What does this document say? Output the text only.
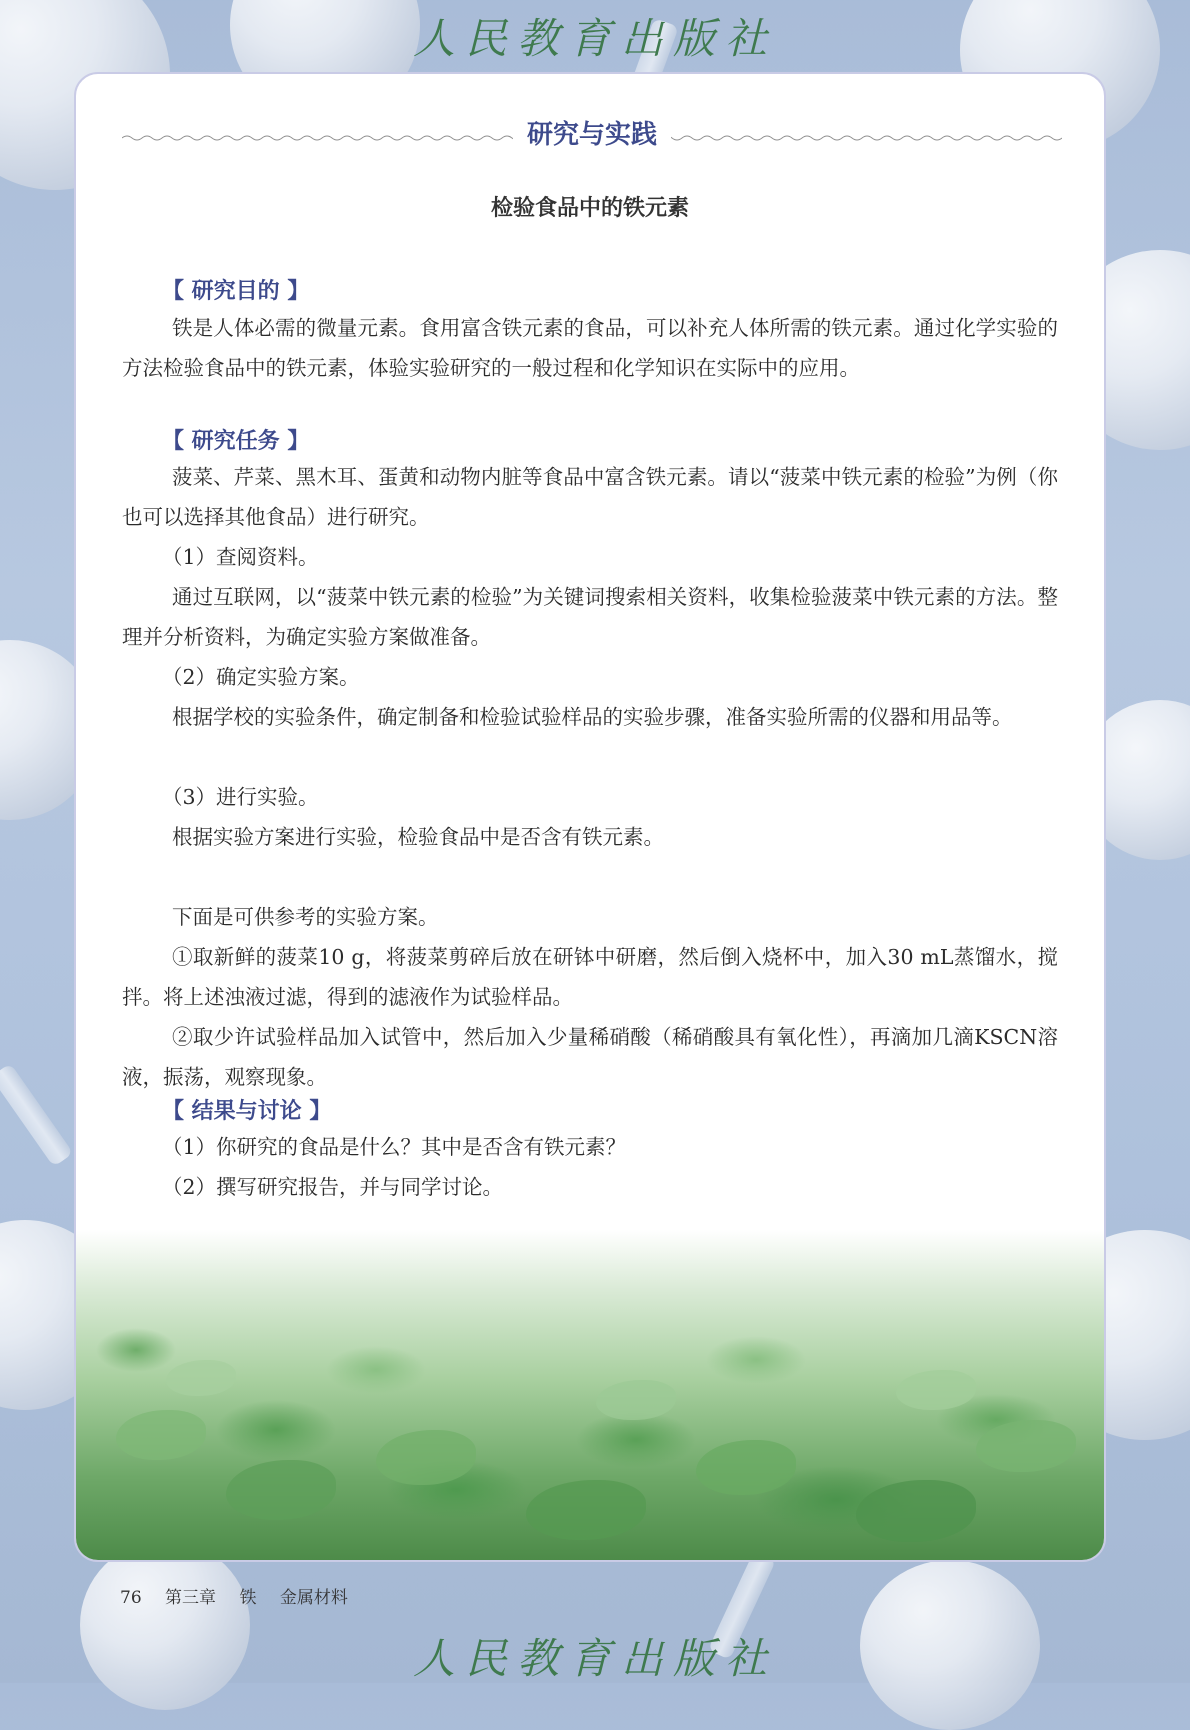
人民教育出版社
研究与实践
检验食品中的铁元素
【 研究目的 】
铁是人体必需的微量元素。食用富含铁元素的食品，可以补充人体所需的铁元素。通过化学实验的方法检验食品中的铁元素，体验实验研究的一般过程和化学知识在实际中的应用。
【 研究任务 】
菠菜、芹菜、黑木耳、蛋黄和动物内脏等食品中富含铁元素。请以“菠菜中铁元素的检验”为例（你也可以选择其他食品）进行研究。
（1）查阅资料。
通过互联网，以“菠菜中铁元素的检验”为关键词搜索相关资料，收集检验菠菜中铁元素的方法。整理并分析资料，为确定实验方案做准备。
（2）确定实验方案。
根据学校的实验条件，确定制备和检验试验样品的实验步骤，准备实验所需的仪器和用品等。
（3）进行实验。
根据实验方案进行实验，检验食品中是否含有铁元素。
下面是可供参考的实验方案。
①取新鲜的菠菜10 g，将菠菜剪碎后放在研钵中研磨，然后倒入烧杯中，加入30 mL蒸馏水，搅拌。将上述浊液过滤，得到的滤液作为试验样品。
②取少许试验样品加入试管中，然后加入少量稀硝酸（稀硝酸具有氧化性），再滴加几滴KSCN溶液，振荡，观察现象。
【 结果与讨论 】
（1）你研究的食品是什么？其中是否含有铁元素？
（2）撰写研究报告，并与同学讨论。
76 第三章 铁 金属材料
人民教育出版社
